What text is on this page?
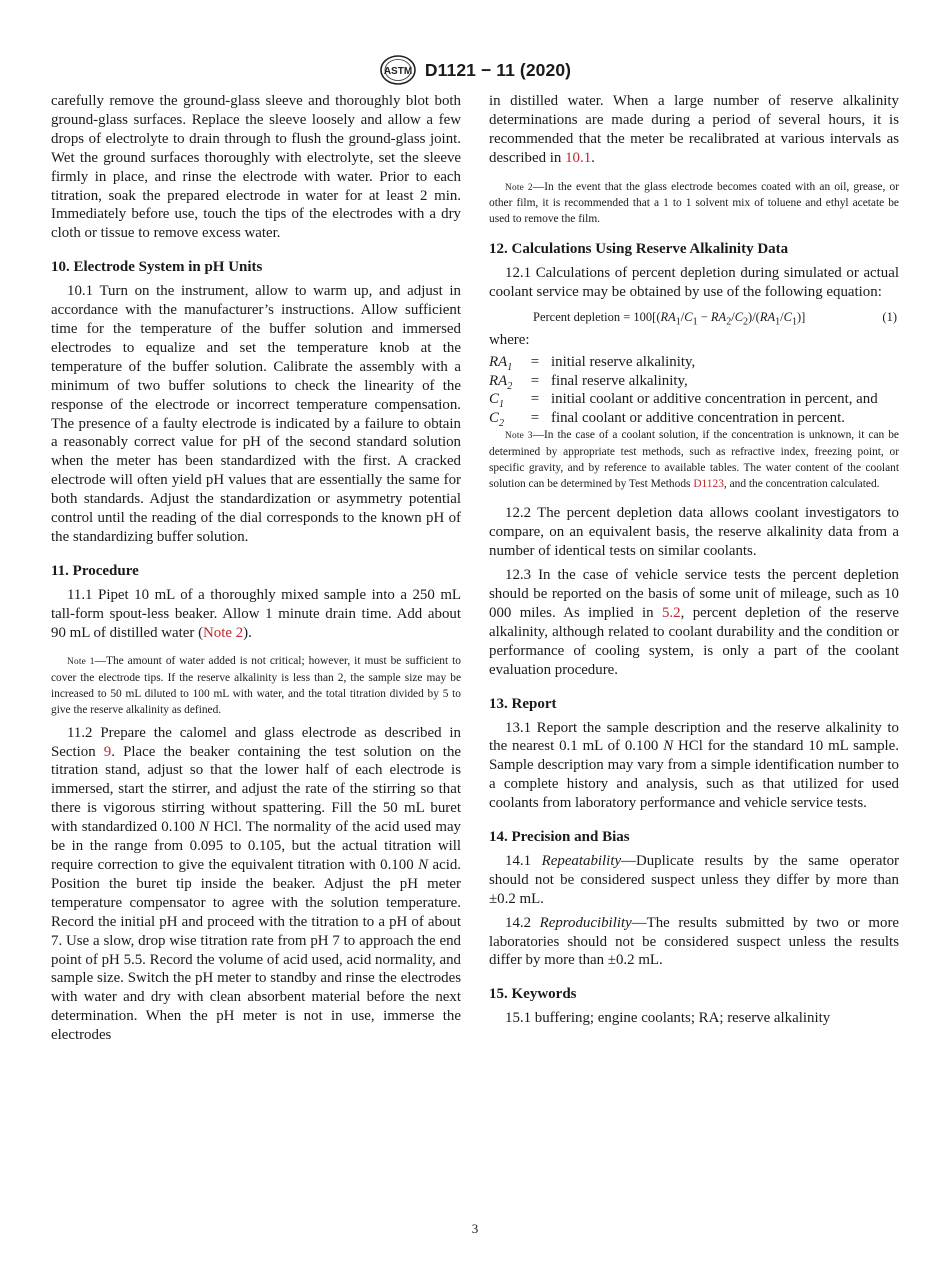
ASTM D1121 − 11 (2020)

carefully remove the ground-glass sleeve and thoroughly blot both ground-glass surfaces. Replace the sleeve loosely and allow a few drops of electrolyte to drain through to flush the ground-glass joint. Wet the ground surfaces thoroughly with electrolyte, set the sleeve firmly in place, and rinse the electrode with water. Prior to each titration, soak the prepared electrode in water for at least 2 min. Immediately before use, touch the tips of the electrodes with a dry cloth or tissue to remove excess water.

10. Electrode System in pH Units

10.1 Turn on the instrument, allow to warm up, and adjust in accordance with the manufacturer’s instructions. Allow sufficient time for the temperature of the buffer solution and immersed electrodes to equalize and set the temperature knob at the temperature of the buffer solution. Calibrate the assembly with a minimum of two buffer solutions to check the linearity of the response of the electrode or incorrect temperature compensation. The presence of a faulty electrode is indicated by a failure to obtain a reasonably correct value for pH of the second standard solution when the meter has been standardized with the first. A cracked electrode will often yield pH values that are essentially the same for both standards. Adjust the standardization or asymmetry potential control until the reading of the dial corresponds to the known pH of the standardizing buffer solution.

11. Procedure

11.1 Pipet 10 mL of a thoroughly mixed sample into a 250 mL tall-form spout-less beaker. Allow 1 minute drain time. Add about 90 mL of distilled water (Note 2).

Note 1—The amount of water added is not critical; however, it must be sufficient to cover the electrode tips. If the reserve alkalinity is less than 2, the sample size may be increased to 50 mL diluted to 100 mL with water, and the total titration divided by 5 to give the reserve alkalinity as defined.

11.2 Prepare the calomel and glass electrode as described in Section 9. Place the beaker containing the test solution on the titration stand, adjust so that the lower half of each electrode is immersed, start the stirrer, and adjust the rate of the stirring so that there is vigorous stirring without spattering. Fill the 50 mL buret with standardized 0.100 N HCl. The normality of the acid used may be in the range from 0.095 to 0.105, but the actual titration will require correction to give the equivalent titration with 0.100 N acid. Position the buret tip inside the beaker. Adjust the pH meter temperature compensator to agree with the solution temperature. Record the initial pH and proceed with the titration to a pH of about 7. Use a slow, drop wise titration rate from pH 7 to approach the end point of pH 5.5. Record the volume of acid used, acid normality, and sample size. Switch the pH meter to standby and rinse the electrodes with water and dry with clean absorbent material before the next determination. When the pH meter is not in use, immerse the electrodes

in distilled water. When a large number of reserve alkalinity determinations are made during a period of several hours, it is recommended that the meter be recalibrated at various intervals as described in 10.1.

Note 2—In the event that the glass electrode becomes coated with an oil, grease, or other film, it is recommended that a 1 to 1 solvent mix of toluene and ethyl acetate be used to remove the film.

12. Calculations Using Reserve Alkalinity Data

12.1 Calculations of percent depletion during simulated or actual coolant service may be obtained by use of the following equation:

Percent depletion = $100[(RA_1/C_1 - RA_2/C_2)/(RA_1/C_1)]$	(1)

where:

$RA_1$	=	initial reserve alkalinity,
$RA_2$	=	final reserve alkalinity,
$C_1$	=	initial coolant or additive concentration in percent, and
$C_2$	=	final coolant or additive concentration in percent.

Note 3—In the case of a coolant solution, if the concentration is unknown, it can be determined by appropriate test methods, such as refractive index, freezing point, or specific gravity, and by reference to available tables. The water content of the coolant solution can be determined by Test Methods D1123, and the concentration calculated.

12.2 The percent depletion data allows coolant investigators to compare, on an equivalent basis, the reserve alkalinity data from a number of identical tests on similar coolants.

12.3 In the case of vehicle service tests the percent depletion should be reported on the basis of some unit of mileage, such as 10 000 miles. As implied in 5.2, percent depletion of the reserve alkalinity, although related to coolant durability and the condition or performance of cooling system, is only a part of the coolant evaluation procedure.

13. Report

13.1 Report the sample description and the reserve alkalinity to the nearest 0.1 mL of 0.100 N HCl for the standard 10 mL sample. Sample description may vary from a simple identification number to a complete history and analysis, such as that utilized for used coolants from laboratory performance and vehicle service tests.

14. Precision and Bias

14.1 Repeatability—Duplicate results by the same operator should not be considered suspect unless they differ by more than ±0.2 mL.

14.2 Reproducibility—The results submitted by two or more laboratories should not be considered suspect unless the results differ by more than ±0.2 mL.

15. Keywords

15.1 buffering; engine coolants; RA; reserve alkalinity

3
